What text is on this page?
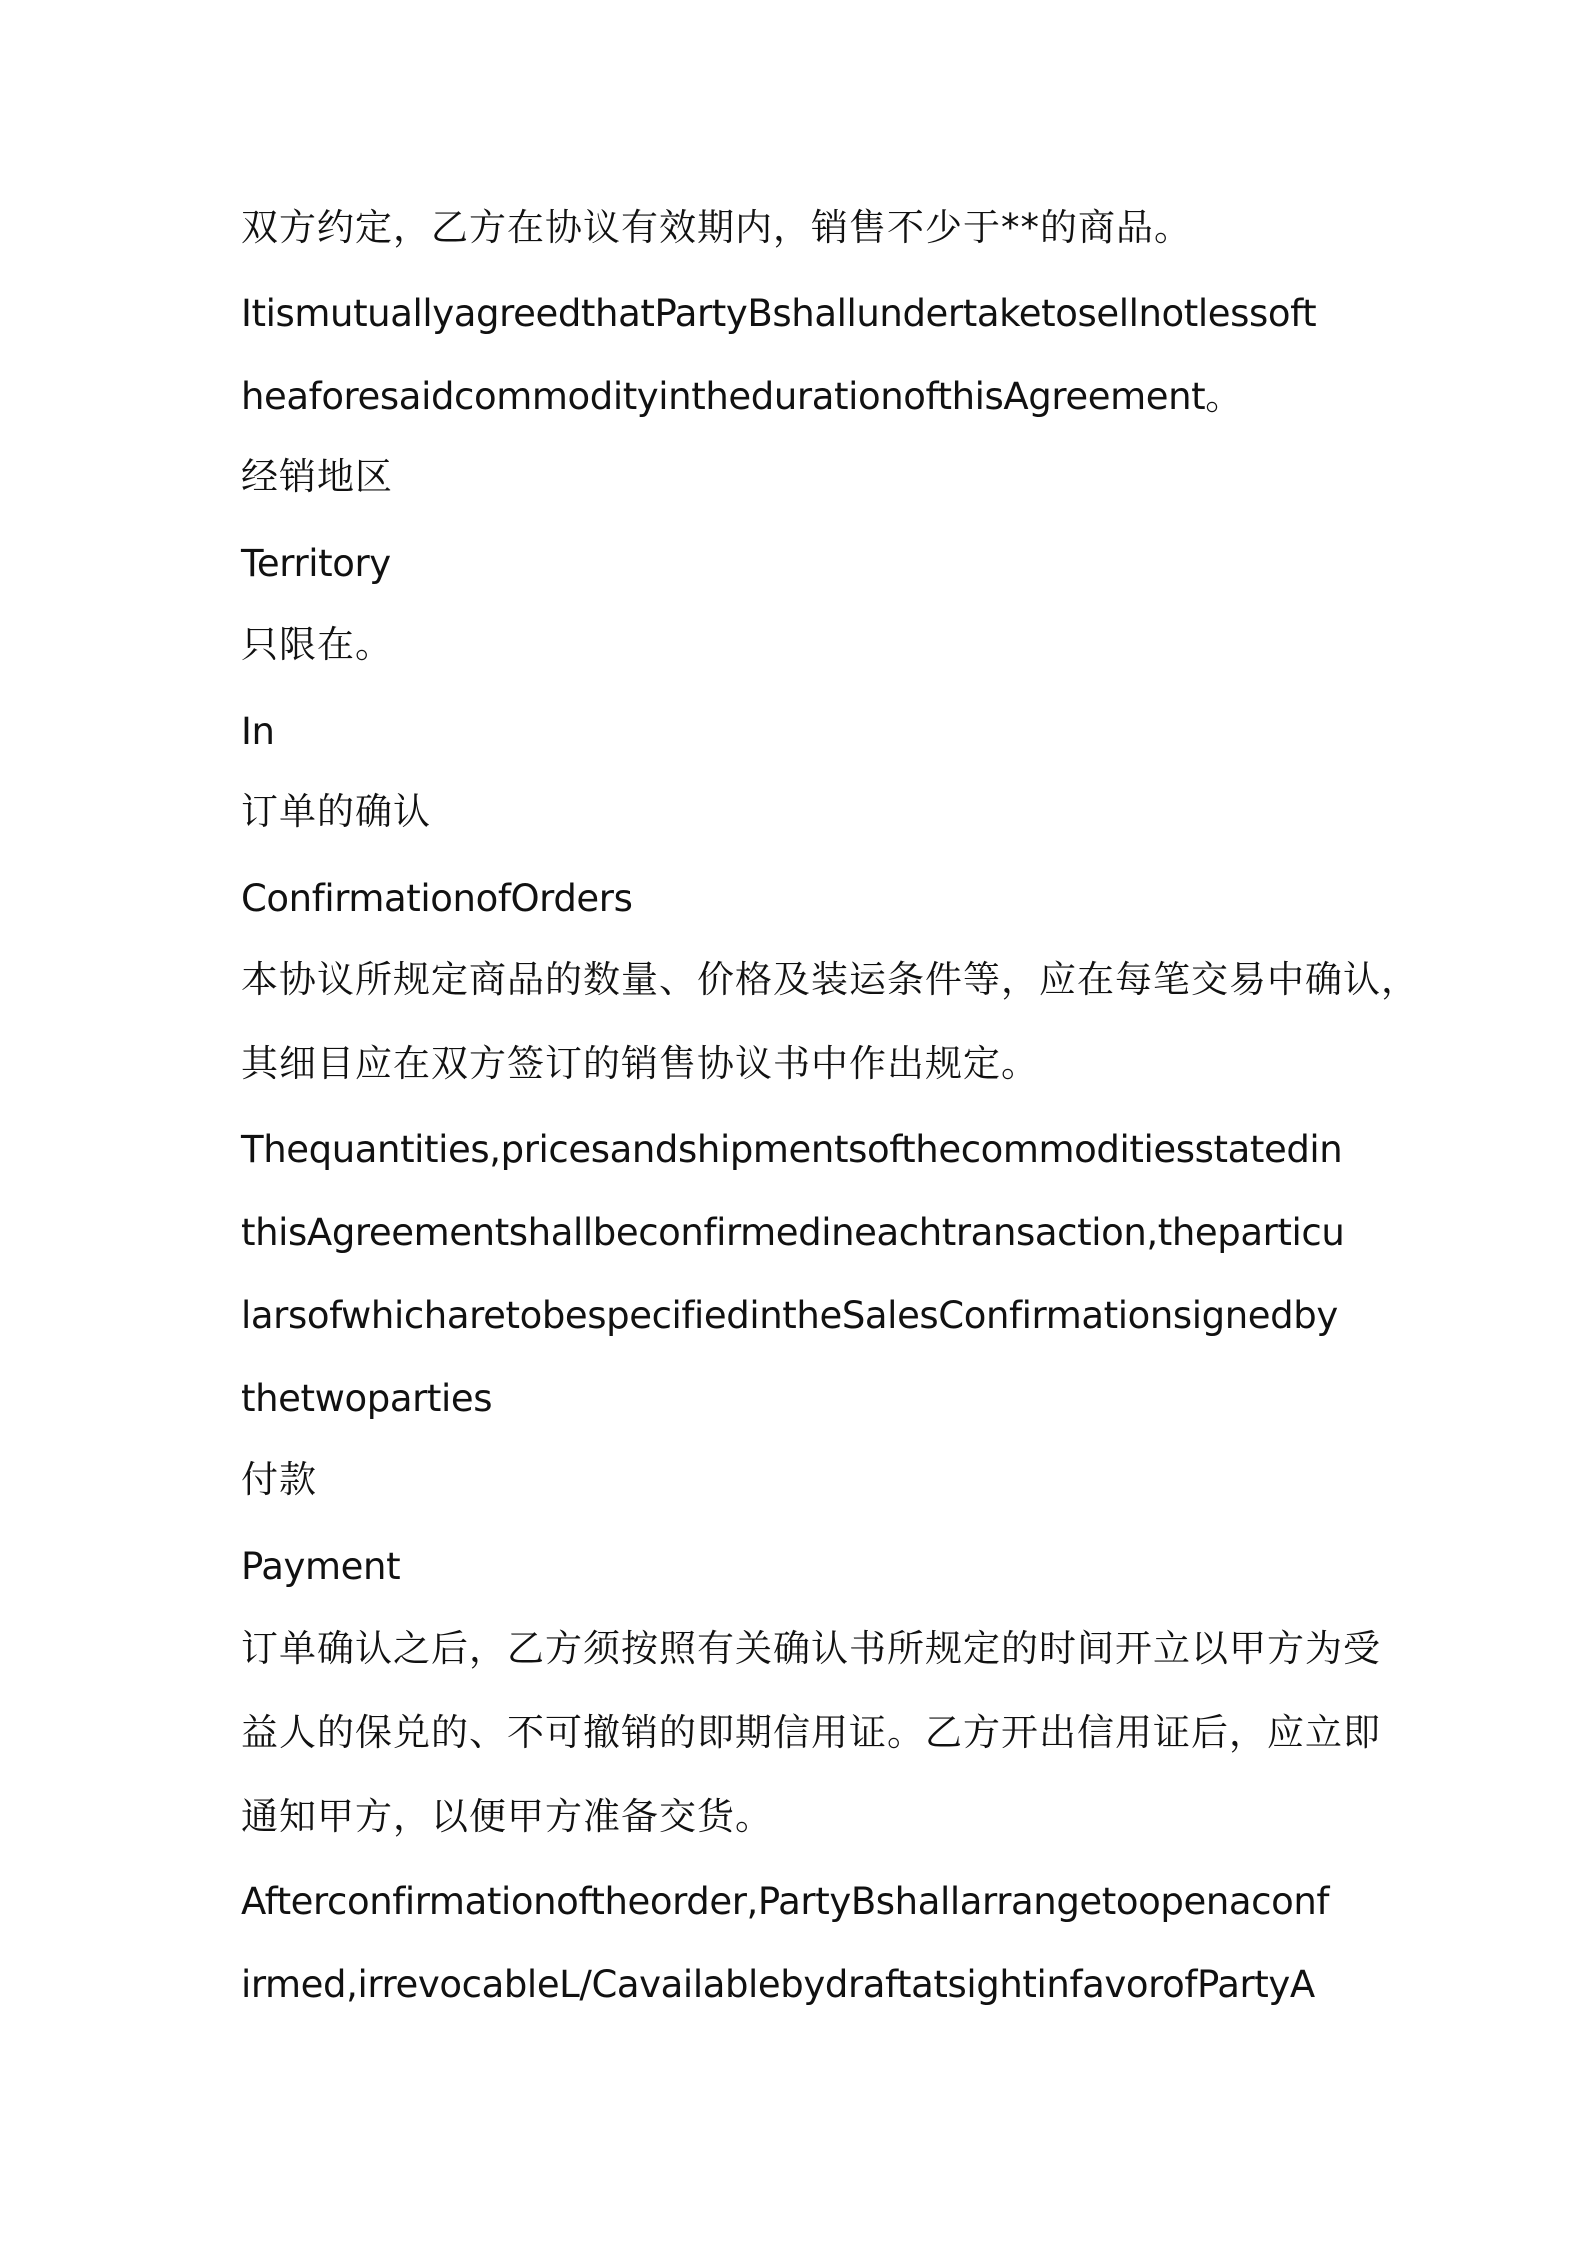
双方约定，乙方在协议有效期内，销售不少于**的商品。
ItismutuallyagreedthatPartyBshallundertaketosellnotlessoft
heaforesaidcommodityinthedurationofthisAgreement。
经销地区
Territory
只限在。
In
订单的确认
ConfirmationofOrders
本协议所规定商品的数量、价格及装运条件等，应在每笔交易中确认，
其细目应在双方签订的销售协议书中作出规定。
Thequantities,pricesandshipmentsofthecommoditiesstatedin
thisAgreementshallbeconfirmedineachtransaction,theparticu
larsofwhicharetobespecifiedintheSalesConfirmationsignedby
thetwoparties
付款
Payment
订单确认之后，乙方须按照有关确认书所规定的时间开立以甲方为受
益人的保兑的、不可撤销的即期信用证。乙方开出信用证后，应立即
通知甲方，以便甲方准备交货。
Afterconfirmationoftheorder,PartyBshallarrangetoopenaconf
irmed,irrevocableL/CavailablebydraftatsightinfavorofPartyA
